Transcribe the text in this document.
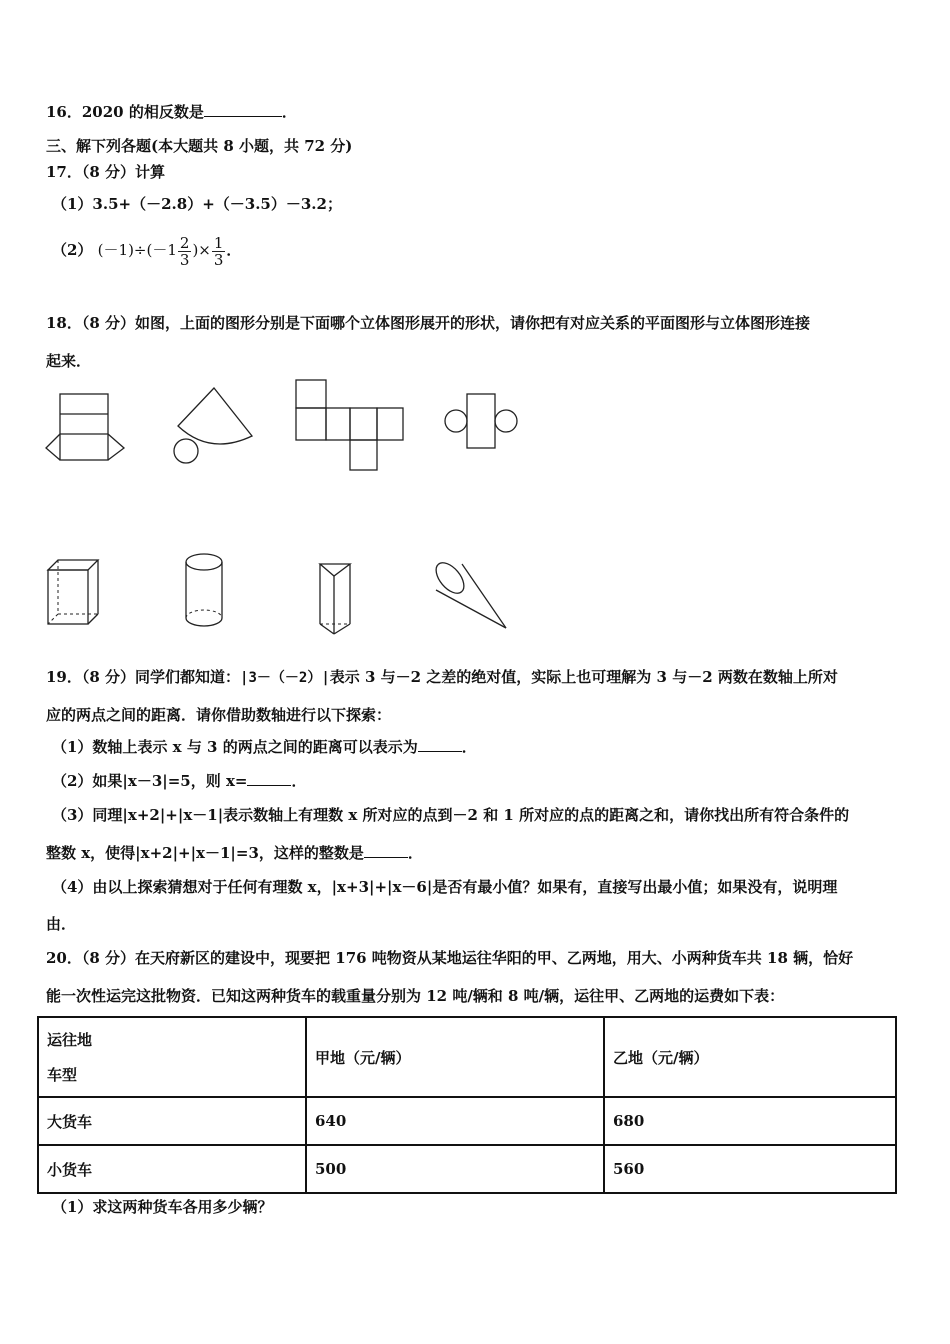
16．2020 的相反数是	．
三、解下列各题(本大题共 8 小题，共 72 分)
17．（8 分）计算
（1）3.5+（－2.8）+（－3.5）－3.2；
（2） $(-1)\div(-1 \frac{2}{3}$ )× $\frac{1}{3}$ ．
18．（8 分）如图，上面的图形分别是下面哪个立体图形展开的形状，请你把有对应关系的平面图形与立体图形连接
起来．
19．（8 分）同学们都知道：|3－（－2）|表示 3 与－2 之差的绝对值，实际上也可理解为 3 与－2 两数在数轴上所对
应的两点之间的距离．请你借助数轴进行以下探索：
（1）数轴上表示 x 与 3 的两点之间的距离可以表示为	．
（2）如果|x－3|=5，则 x=	．
（3）同理|x+2|+|x－1|表示数轴上有理数 x 所对应的点到－2 和 1 所对应的点的距离之和，请你找出所有符合条件的
整数 x，使得|x+2|+|x－1|=3，这样的整数是	．
（4）由以上探索猜想对于任何有理数 x，|x+3|+|x－6|是否有最小值？如果有，直接写出最小值；如果没有，说明理
由．
20．（8 分）在天府新区的建设中，现要把 176 吨物资从某地运往华阳的甲、乙两地，用大、小两种货车共 18 辆，恰好
能一次性运完这批物资．已知这两种货车的载重量分别为 12 吨/辆和 8 吨/辆，运往甲、乙两地的运费如下表：
运往地
车型	甲地（元/辆）	乙地（元/辆）
大货车	640	680
小货车	500	560
（1）求这两种货车各用多少辆？
